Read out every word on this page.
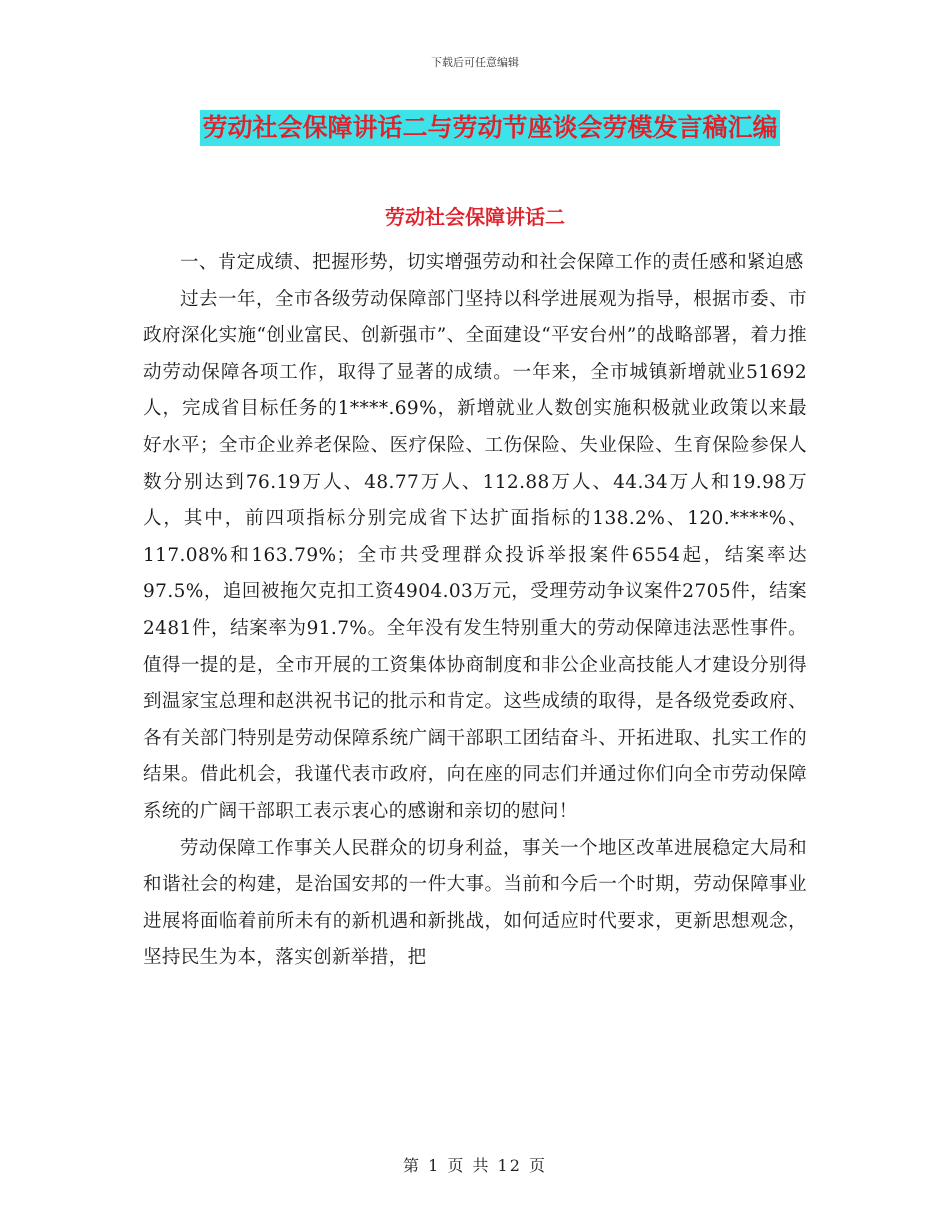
下载后可任意编辑
劳动社会保障讲话二与劳动节座谈会劳模发言稿汇编
劳动社会保障讲话二

一、肯定成绩、把握形势，切实增强劳动和社会保障工作的责任感和紧迫感

过去一年，全市各级劳动保障部门坚持以科学进展观为指导，根据市委、市政府深化实施“创业富民、创新强市”、全面建设“平安台州”的战略部署，着力推动劳动保障各项工作，取得了显著的成绩。一年来，全市城镇新增就业51692人，完成省目标任务的1****.69%，新增就业人数创实施积极就业政策以来最好水平；全市企业养老保险、医疗保险、工伤保险、失业保险、生育保险参保人数分别达到76.19万人、48.77万人、112.88万人、44.34万人和19.98万人，其中，前四项指标分别完成省下达扩面指标的138.2%、120.****%、117.08%和163.79%；全市共受理群众投诉举报案件6554起，结案率达97.5%，追回被拖欠克扣工资4904.03万元，受理劳动争议案件2705件，结案2481件，结案率为91.7%。全年没有发生特别重大的劳动保障违法恶性事件。值得一提的是，全市开展的工资集体协商制度和非公企业高技能人才建设分别得到温家宝总理和赵洪祝书记的批示和肯定。这些成绩的取得，是各级党委政府、各有关部门特别是劳动保障系统广阔干部职工团结奋斗、开拓进取、扎实工作的结果。借此机会，我谨代表市政府，向在座的同志们并通过你们向全市劳动保障系统的广阔干部职工表示衷心的感谢和亲切的慰问！

劳动保障工作事关人民群众的切身利益，事关一个地区改革进展稳定大局和和谐社会的构建，是治国安邦的一件大事。当前和今后一个时期，劳动保障事业进展将面临着前所未有的新机遇和新挑战，如何适应时代要求，更新思想观念，坚持民生为本，落实创新举措，把

第 1 页 共 12 页
